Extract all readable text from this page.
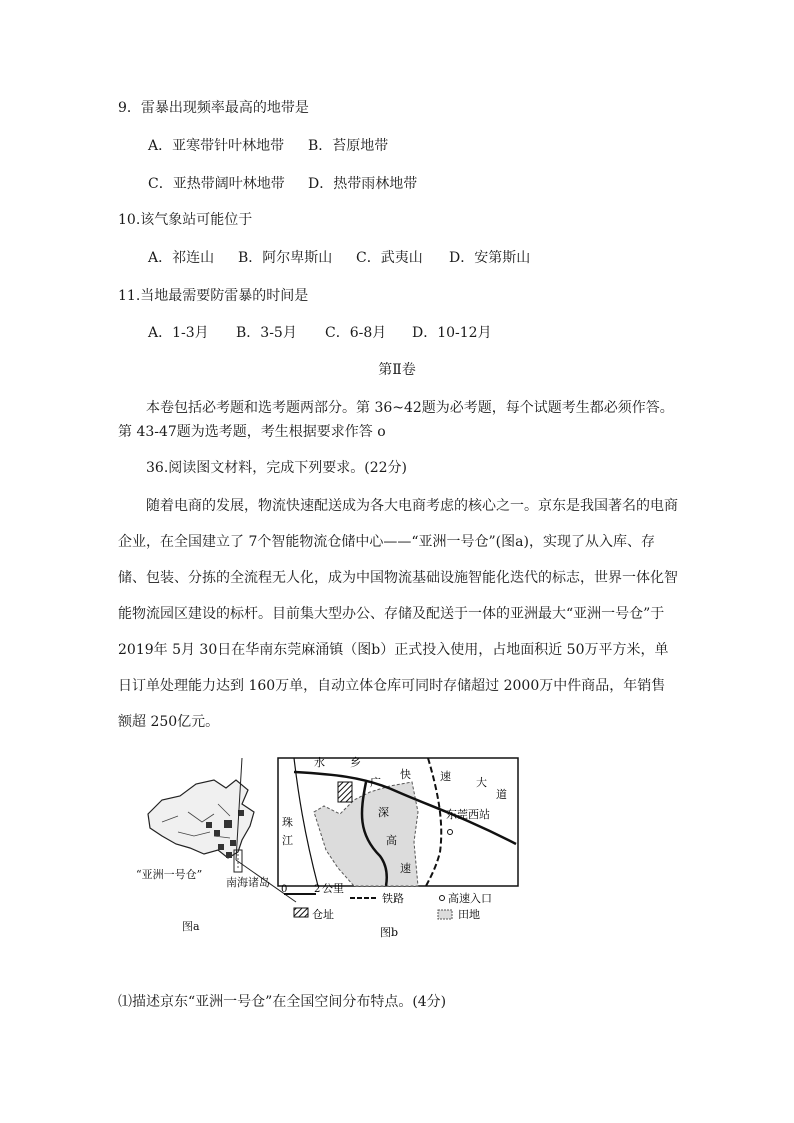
9．雷暴出现频率最高的地带是
A．亚寒带针叶林地带 B．苔原地带
C．亚热带阔叶林地带 D．热带雨林地带
10.该气象站可能位于
A．祁连山 B．阿尔卑斯山 C．武夷山 D．安第斯山
11.当地最需要防雷暴的时间是
A．1-3月 B．3-5月 C．6-8月 D．10-12月
第Ⅱ卷
本卷包括必考题和选考题两部分。第 36~42题为必考题，每个试题考生都必须作答。第 43-47题为选考题，考生根据要求作答 o
36.阅读图文材料，完成下列要求。(22分)

随着电商的发展，物流快速配送成为各大电商考虑的核心之一。京东是我国著名的电商企业，在全国建立了 7个智能物流仓储中心——“亚洲一号仓”(图a)，实现了从入库、存储、包装、分拣的全流程无人化，成为中国物流基础设施智能化迭代的标志，世界一体化智能物流园区建设的标杆。目前集大型办公、存储及配送于一体的亚洲最大“亚洲一号仓”于 2019年 5月 30日在华南东莞麻涌镇（图b）正式投入使用，占地面积近 50万平方米，单日订单处理能力达到 160万单，自动立体仓库可同时存储超过 2000万中件商品，年销售额超 250亿元。

“亚洲一号仓”
南海诸岛
图a
水 乡
快	速 大
道
广
深
高
速
珠
江
东莞西站
0	2 公里
仓址
铁路	高速入口
田地
图b
⑴描述京东“亚洲一号仓”在全国空间分布特点。(4分)
